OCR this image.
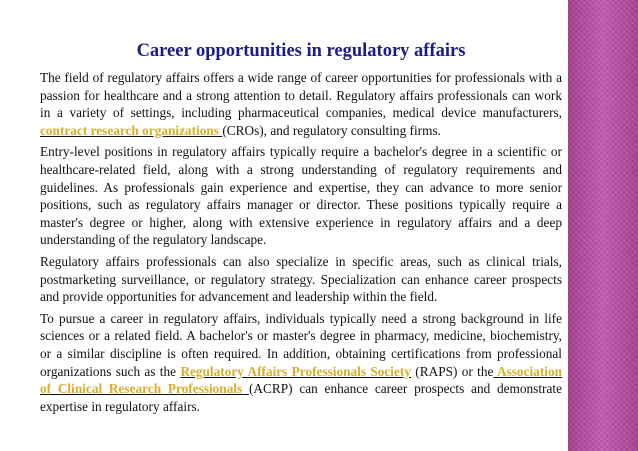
Career opportunities in regulatory affairs

The field of regulatory affairs offers a wide range of career opportunities for professionals with a passion for healthcare and a strong attention to detail. Regulatory affairs professionals can work in a variety of settings, including pharmaceutical companies, medical device manufacturers, contract research organizations (CROs), and regulatory consulting firms.

Entry-level positions in regulatory affairs typically require a bachelor's degree in a scientific or healthcare-related field, along with a strong understanding of regulatory requirements and guidelines. As professionals gain experience and expertise, they can advance to more senior positions, such as regulatory affairs manager or director. These positions typically require a master's degree or higher, along with extensive experience in regulatory affairs and a deep understanding of the regulatory landscape.

Regulatory affairs professionals can also specialize in specific areas, such as clinical trials, postmarketing surveillance, or regulatory strategy. Specialization can enhance career prospects and provide opportunities for advancement and leadership within the field.

To pursue a career in regulatory affairs, individuals typically need a strong background in life sciences or a related field. A bachelor's or master's degree in pharmacy, medicine, biochemistry, or a similar discipline is often required. In addition, obtaining certifications from professional organizations such as the Regulatory Affairs Professionals Society (RAPS) or the Association of Clinical Research Professionals (ACRP) can enhance career prospects and demonstrate expertise in regulatory affairs.
